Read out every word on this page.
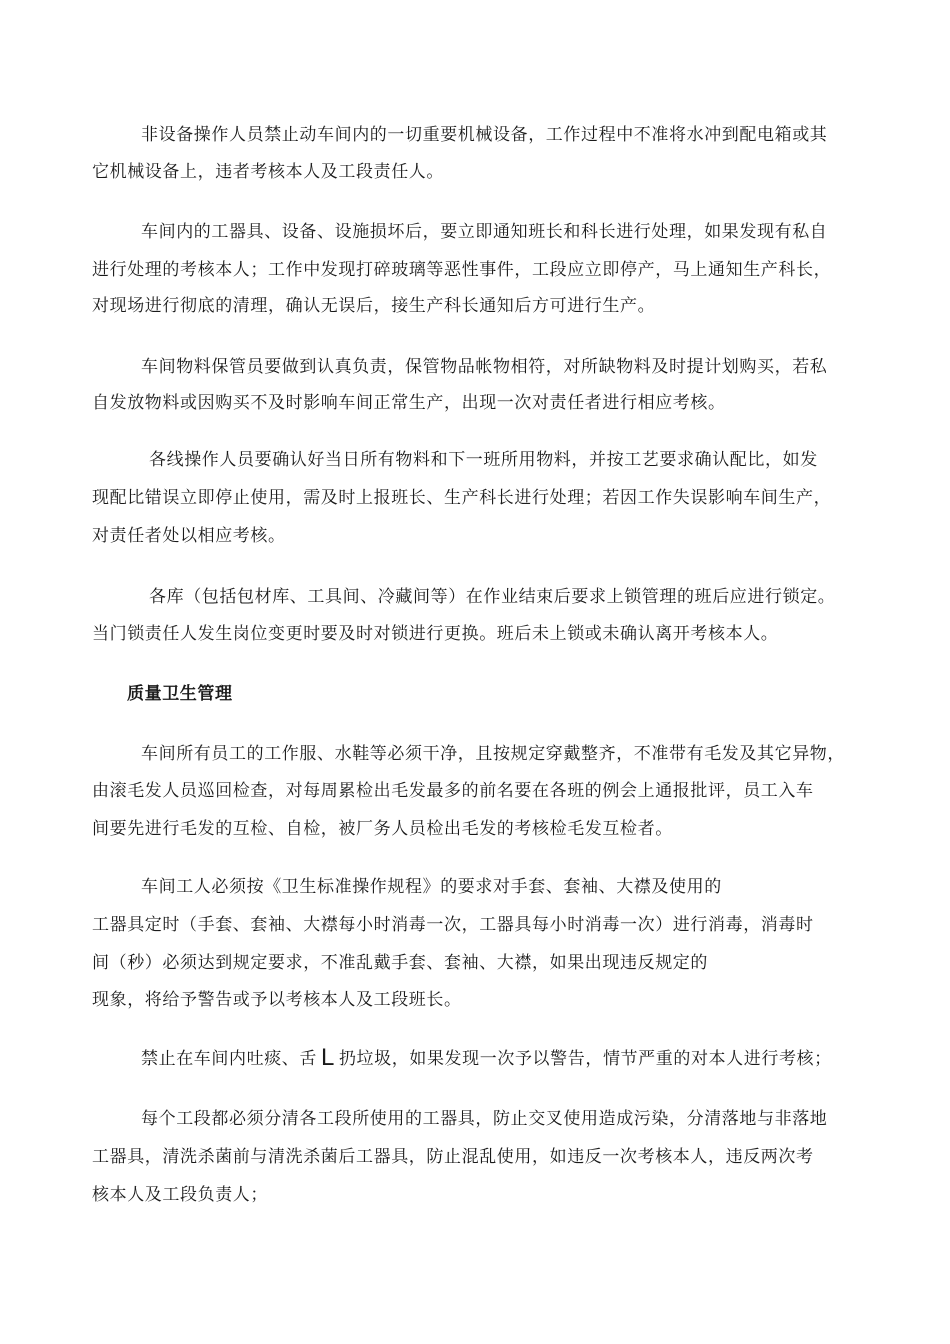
非设备操作人员禁止动车间内的一切重要机械设备，工作过程中不准将水冲到配电箱或其
它机械设备上，违者考核本人及工段责任人。
车间内的工器具、设备、设施损坏后，要立即通知班长和科长进行处理，如果发现有私自
进行处理的考核本人；工作中发现打碎玻璃等恶性事件，工段应立即停产，马上通知生产科长，
对现场进行彻底的清理，确认无误后，接生产科长通知后方可进行生产。
车间物料保管员要做到认真负责，保管物品帐物相符，对所缺物料及时提计划购买，若私
自发放物料或因购买不及时影响车间正常生产，出现一次对责任者进行相应考核。
各线操作人员要确认好当日所有物料和下一班所用物料，并按工艺要求确认配比，如发
现配比错误立即停止使用，需及时上报班长、生产科长进行处理；若因工作失误影响车间生产，
对责任者处以相应考核。
各库（包括包材库、工具间、冷藏间等）在作业结束后要求上锁管理的班后应进行锁定。
当门锁责任人发生岗位变更时要及时对锁进行更换。班后未上锁或未确认离开考核本人。
质量卫生管理
车间所有员工的工作服、水鞋等必须干净，且按规定穿戴整齐，不准带有毛发及其它异物，
由滚毛发人员巡回检查，对每周累检出毛发最多的前名要在各班的例会上通报批评，员工入车
间要先进行毛发的互检、自检，被厂务人员检出毛发的考核检毛发互检者。
车间工人必须按《卫生标准操作规程》的要求对手套、套袖、大襟及使用的
工器具定时（手套、套袖、大襟每小时消毒一次，工器具每小时消毒一次）进行消毒，消毒时
间（秒）必须达到规定要求，不准乱戴手套、套袖、大襟，如果出现违反规定的
现象，将给予警告或予以考核本人及工段班长。
禁止在车间内吐痰、舌 L 扔垃圾，如果发现一次予以警告，情节严重的对本人进行考核；
每个工段都必须分清各工段所使用的工器具，防止交叉使用造成污染，分清落地与非落地
工器具，清洗杀菌前与清洗杀菌后工器具，防止混乱使用，如违反一次考核本人，违反两次考
核本人及工段负责人；
